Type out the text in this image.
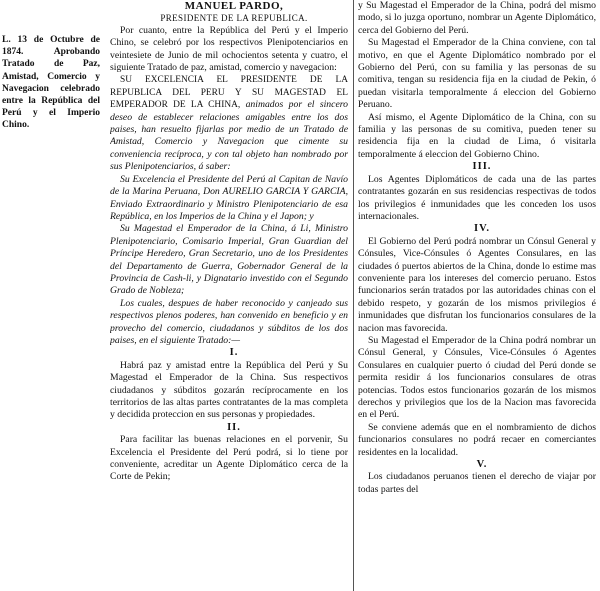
L. 13 de Octubre de 1874. Aprobando Tratado de Paz, Amistad, Comercio y Navegacion celebrado entre la República del Perú y el Imperio Chino.

MANUEL PARDO,

PRESIDENTE DE LA REPUBLICA.

Por cuanto, entre la República del Perú y el Imperio Chino, se celebró por los respectivos Plenipotenciarios en veintesiete de Junio de mil ochocientos setenta y cuatro, el siguiente Tratado de paz, amistad, comercio y navegacion:

SU EXCELENCIA EL PRESIDENTE DE LA REPUBLICA DEL PERU Y SU MAGESTAD EL EMPERADOR DE LA CHINA, animados por el sincero deseo de establecer relaciones amigables entre los dos paises, han resuelto fijarlas por medio de un Tratado de Amistad, Comercio y Navegacion que cimente su conveniencia recíproca, y con tal objeto han nombrado por sus Plenipotenciarios, á saber:

Su Excelencia el Presidente del Perú al Capitan de Navío de la Marina Peruana, Don AURELIO GARCIA Y GARCIA, Enviado Extraordinario y Ministro Plenipotenciario de esa República, en los Imperios de la China y el Japon; y

Su Magestad el Emperador de la China, á Li, Ministro Plenipotenciario, Comisario Imperial, Gran Guardian del Príncipe Heredero, Gran Secretario, uno de los Presidentes del Departamento de Guerra, Gobernador General de la Provincia de Cash-li, y Dignatario investido con el Segundo Grado de Nobleza;

Los cuales, despues de haber reconocido y canjeado sus respectivos plenos poderes, han convenido en beneficio y en provecho del comercio, ciudadanos y súbditos de los dos paises, en el siguiente Tratado:—

I.

Habrá paz y amistad entre la República del Perú y Su Magestad el Emperador de la China. Sus respectivos ciudadanos y súbditos gozarán recíprocamente en los territorios de las altas partes contratantes de la mas completa y decidida proteccion en sus personas y propiedades.

II.

Para facilitar las buenas relaciones en el porvenir, Su Excelencia el Presidente del Perú podrá, si lo tiene por conveniente, acreditar un Agente Diplomático cerca de la Corte de Pekin;

y Su Magestad el Emperador de la China, podrá del mismo modo, si lo juzga oportuno, nombrar un Agente Diplomático, cerca del Gobierno del Perú.

Su Magestad el Emperador de la China conviene, con tal motivo, en que el Agente Diplomático nombrado por el Gobierno del Perú, con su familia y las personas de su comitiva, tengan su residencia fija en la ciudad de Pekin, ó puedan visitarla temporalmente á eleccion del Gobierno Peruano.

Así mismo, el Agente Diplomático de la China, con su familia y las personas de su comitiva, pueden tener su residencia fija en la ciudad de Lima, ó visitarla temporalmente á eleccion del Gobierno Chino.

III.

Los Agentes Diplomáticos de cada una de las partes contratantes gozarán en sus residencias respectivas de todos los privilegios é inmunidades que les conceden los usos internacionales.

IV.

El Gobierno del Perú podrá nombrar un Cónsul General y Cónsules, Vice-Cónsules ó Agentes Consulares, en las ciudades ó puertos abiertos de la China, donde lo estime mas conveniente para los intereses del comercio peruano. Estos funcionarios serán tratados por las autoridades chinas con el debido respeto, y gozarán de los mismos privilegios é inmunidades que disfrutan los funcionarios consulares de la nacion mas favorecida.

Su Magestad el Emperador de la China podrá nombrar un Cónsul General, y Cónsules, Vice-Cónsules ó Agentes Consulares en cualquier puerto ó ciudad del Perú donde se permita residir á los funcionarios consulares de otras potencias. Todos estos funcionarios gozarán de los mismos derechos y privilegios que los de la Nacion mas favorecida en el Perú.

Se conviene además que en el nombramiento de dichos funcionarios consulares no podrá recaer en comerciantes residentes en la localidad.

V.

Los ciudadanos peruanos tienen el derecho de viajar por todas partes del
